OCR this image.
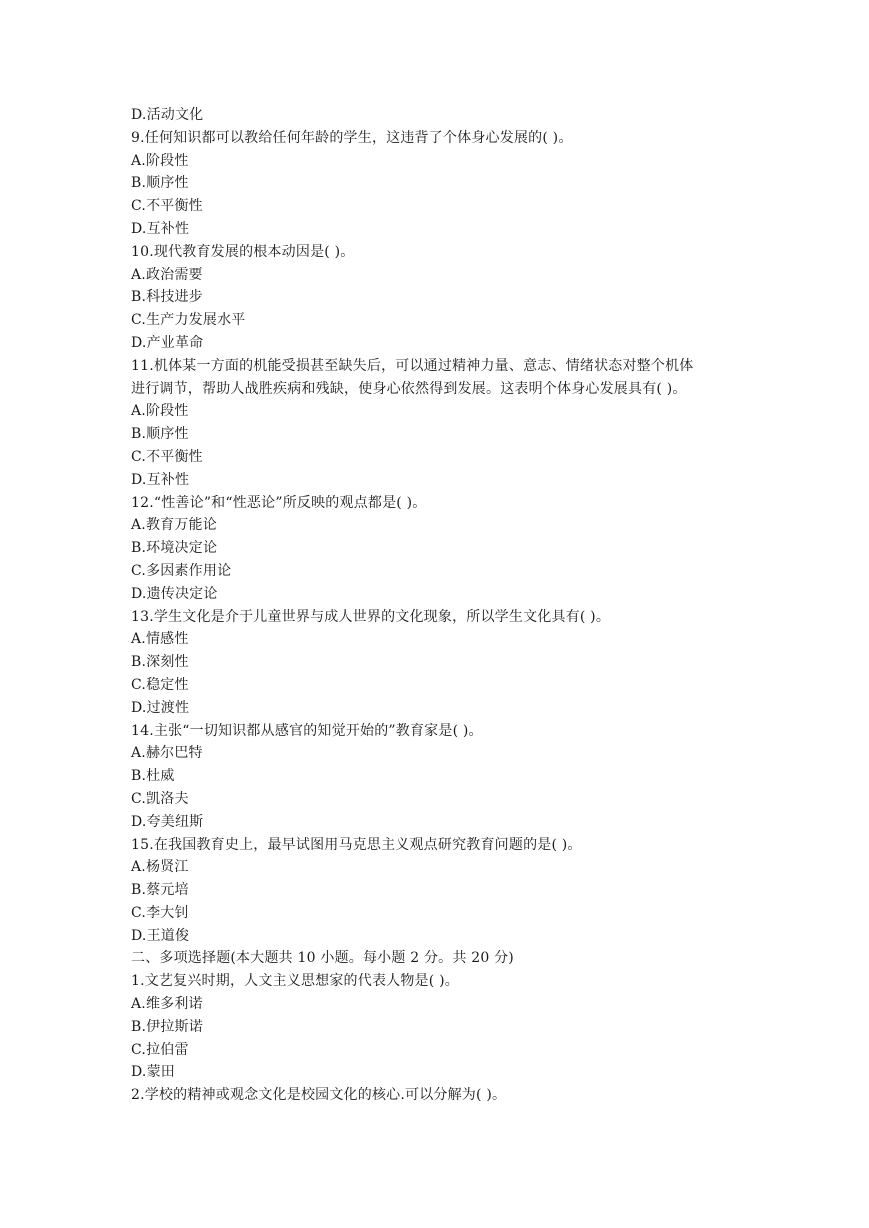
D.活动文化
9.任何知识都可以教给任何年龄的学生，这违背了个体身心发展的( )。
A.阶段性
B.顺序性
C.不平衡性
D.互补性
10.现代教育发展的根本动因是( )。
A.政治需要
B.科技进步
C.生产力发展水平
D.产业革命
11.机体某一方面的机能受损甚至缺失后，可以通过精神力量、意志、情绪状态对整个机体
进行调节，帮助人战胜疾病和残缺，使身心依然得到发展。这表明个体身心发展具有( )。
A.阶段性
B.顺序性
C.不平衡性
D.互补性
12.“性善论”和“性恶论”所反映的观点都是( )。
A.教育万能论
B.环境决定论
C.多因素作用论
D.遗传决定论
13.学生文化是介于儿童世界与成人世界的文化现象，所以学生文化具有( )。
A.情感性
B.深刻性
C.稳定性
D.过渡性
14.主张“一切知识都从感官的知觉开始的”教育家是( )。
A.赫尔巴特
B.杜威
C.凯洛夫
D.夸美纽斯
15.在我国教育史上，最早试图用马克思主义观点研究教育问题的是( )。
A.杨贤江
B.蔡元培
C.李大钊
D.王道俊
二、多项选择题(本大题共 10 小题。每小题 2 分。共 20 分)
1.文艺复兴时期，人文主义思想家的代表人物是( )。
A.维多利诺
B.伊拉斯诺
C.拉伯雷
D.蒙田
2.学校的精神或观念文化是校园文化的核心.可以分解为( )。
